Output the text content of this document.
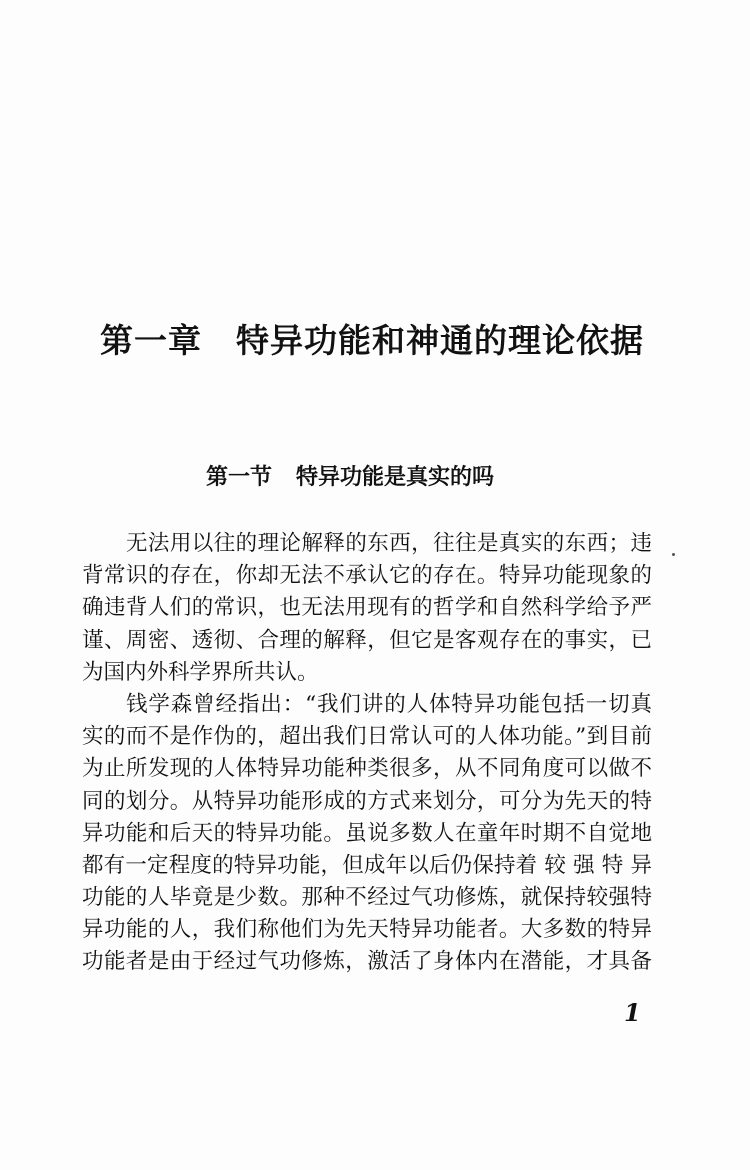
第一章 特异功能和神通的理论依据
第一节 特异功能是真实的吗
无法用以往的理论解释的东西，往往是真实的东西；违
背常识的存在，你却无法不承认它的存在。特异功能现象的
确违背人们的常识，也无法用现有的哲学和自然科学给予严
谨、周密、透彻、合理的解释，但它是客观存在的事实，已
为国内外科学界所共认。
钱学森曾经指出：“我们讲的人体特异功能包括一切真
实的而不是作伪的，超出我们日常认可的人体功能。”到目前
为止所发现的人体特异功能种类很多，从不同角度可以做不
同的划分。从特异功能形成的方式来划分，可分为先天的特
异功能和后天的特异功能。虽说多数人在童年时期不自觉地
都有一定程度的特异功能，但成年以后仍保持着 较 强 特 异
功能的人毕竟是少数。那种不经过气功修炼，就保持较强特
异功能的人，我们称他们为先天特异功能者。大多数的特异
功能者是由于经过气功修炼，激活了身体内在潜能，才具备
1
